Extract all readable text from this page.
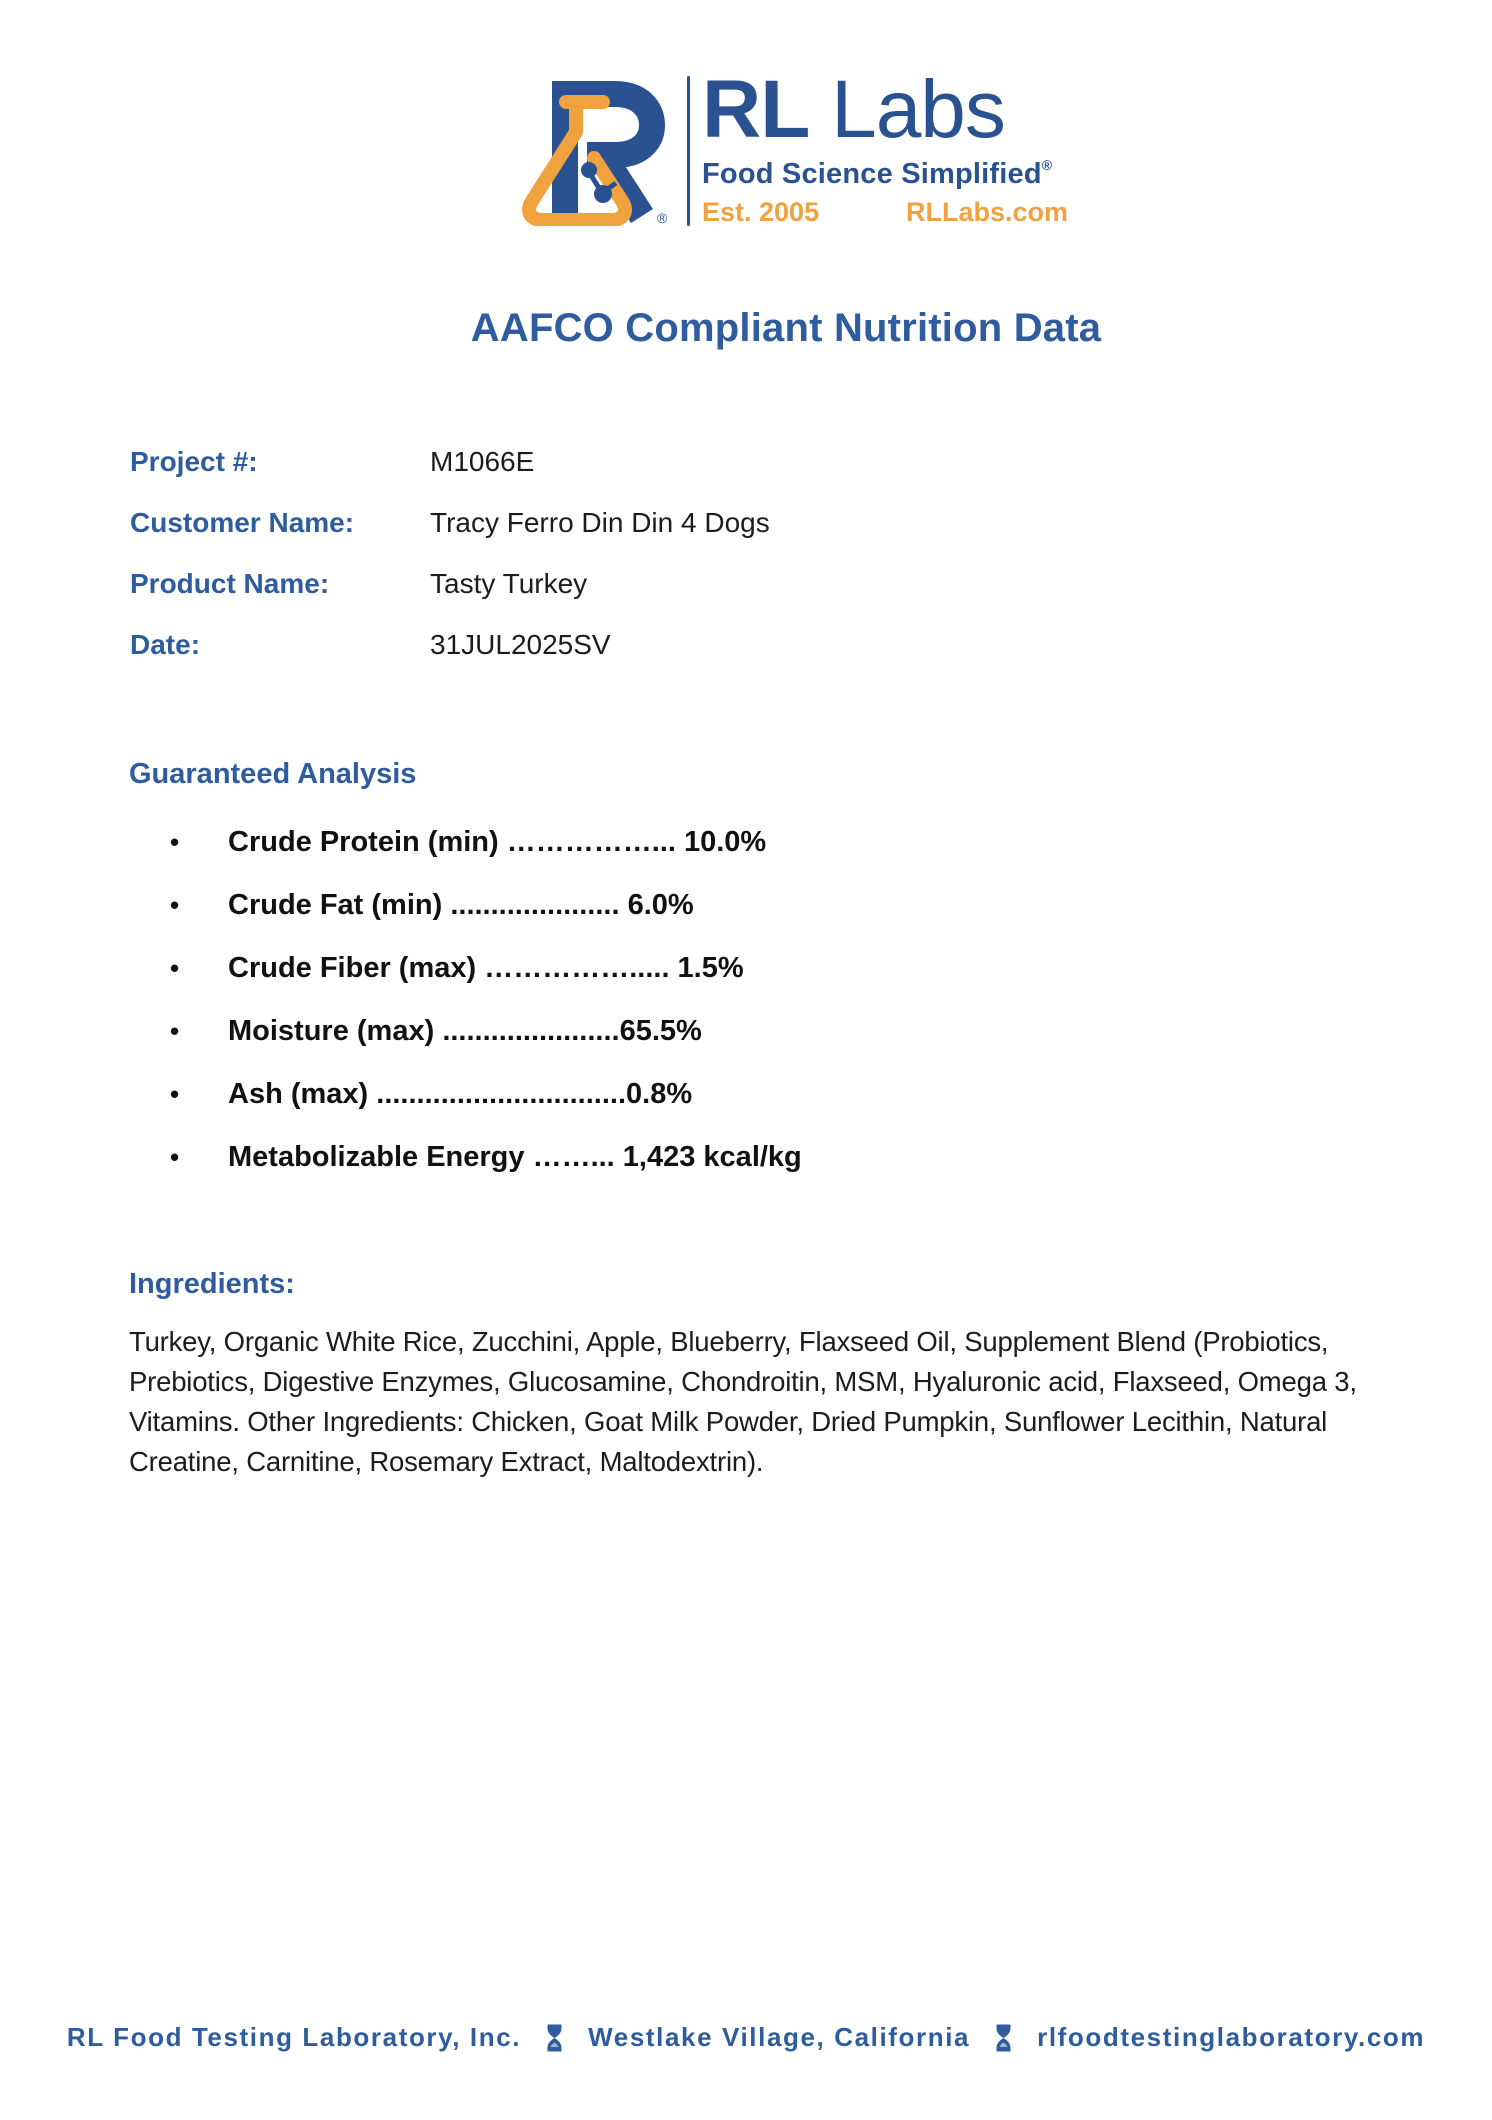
®
RL Labs
Food Science Simplified®
Est. 2005	RLLabs.com
AAFCO Compliant Nutrition Data
Project #:	M1066E
Customer Name:	Tracy Ferro Din Din 4 Dogs
Product Name:	Tasty Turkey
Date:	31JUL2025SV
Guaranteed Analysis
•	Crude Protein (min) ……………... 10.0%
•	Crude Fat (min) ..................... 6.0%
•	Crude Fiber (max) ……………..... 1.5%
•	Moisture (max) ......................65.5%
•	Ash (max) ...............................0.8%
•	Metabolizable Energy ……... 1,423 kcal/kg
Ingredients:

Turkey, Organic White Rice, Zucchini, Apple, Blueberry, Flaxseed Oil, Supplement Blend (Probiotics, Prebiotics, Digestive Enzymes, Glucosamine, Chondroitin, MSM, Hyaluronic acid, Flaxseed, Omega 3, Vitamins. Other Ingredients: Chicken, Goat Milk Powder, Dried Pumpkin, Sunflower Lecithin, Natural Creatine, Carnitine, Rosemary Extract, Maltodextrin).

RL Food Testing Laboratory, Inc.	Westlake Village, California	rlfoodtestinglaboratory.com
